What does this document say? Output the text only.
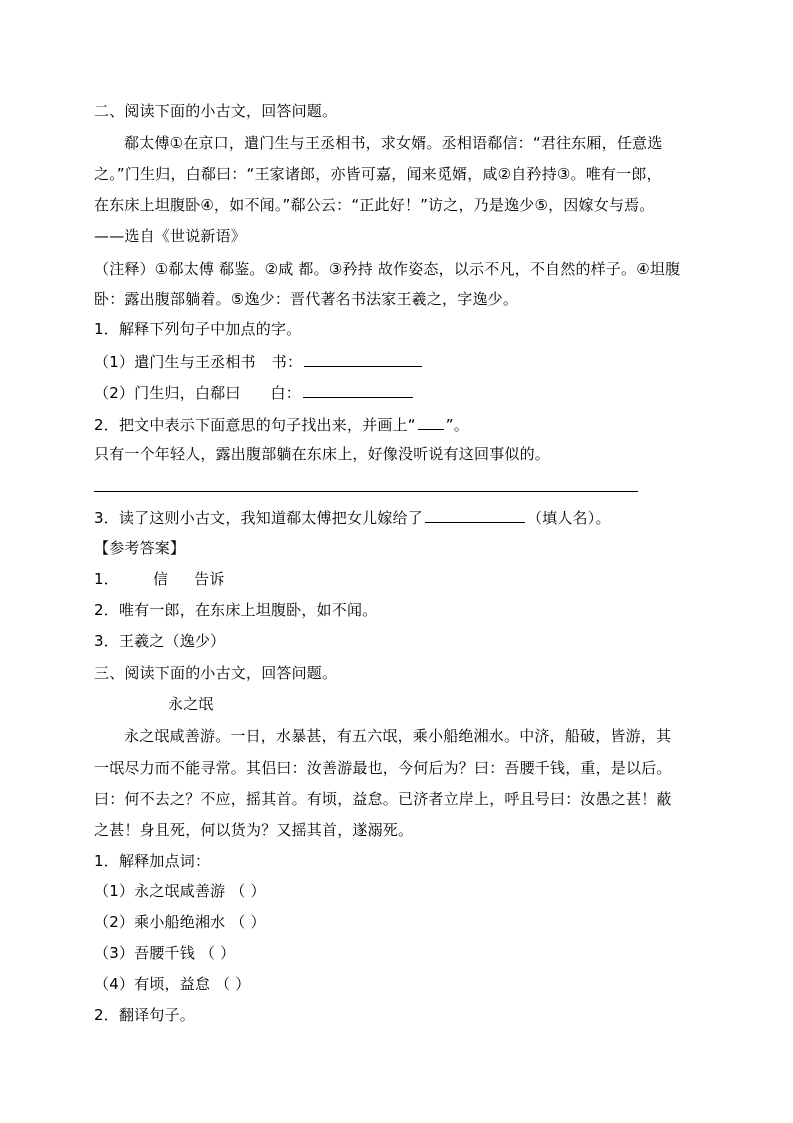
二、阅读下面的小古文，回答问题。
郗太傅①在京口，遣门生与王丞相书，求女婿。丞相语郗信：“君往东厢，任意选
之。”门生归，白郗曰：“王家诸郎，亦皆可嘉，闻来觅婿，咸②自矜持③。唯有一郎，
在东床上坦腹卧④，如不闻。”郗公云：“正此好！”访之，乃是逸少⑤，因嫁女与焉。
——选自《世说新语》
（注释）①郗太傅 郗鉴。②咸 都。③矜持 故作姿态，以示不凡，不自然的样子。④坦腹
卧：露出腹部躺着。⑤逸少：晋代著名书法家王羲之，字逸少。
1．解释下列句子中加点的字。
（1）遣门生与王丞相书 书：
（2）门生归，白郗曰 白：
2．把文中表示下面意思的句子找出来，并画上“ ”。
只有一个年轻人，露出腹部躺在东床上，好像没听说有这回事似的。
3．读了这则小古文，我知道郗太傅把女儿嫁给了	（填人名）。
【参考答案】
1． 信 告诉
2．唯有一郎，在东床上坦腹卧，如不闻。
3．王羲之（逸少）
三、阅读下面的小古文，回答问题。
永之氓
永之氓咸善游。一日，水暴甚，有五六氓，乘小船绝湘水。中济，船破，皆游，其
一氓尽力而不能寻常。其侣曰：汝善游最也，今何后为？曰：吾腰千钱，重，是以后。
曰：何不去之？不应，摇其首。有顷，益怠。已济者立岸上，呼且号曰：汝愚之甚！蔽
之甚！身且死，何以货为？又摇其首，遂溺死。
1．解释加点词：
（1）永之氓咸善游 （ ）
（2）乘小船绝湘水 （ ）
（3）吾腰千钱 （ ）
（4）有顷，益怠 （ ）
2．翻译句子。
